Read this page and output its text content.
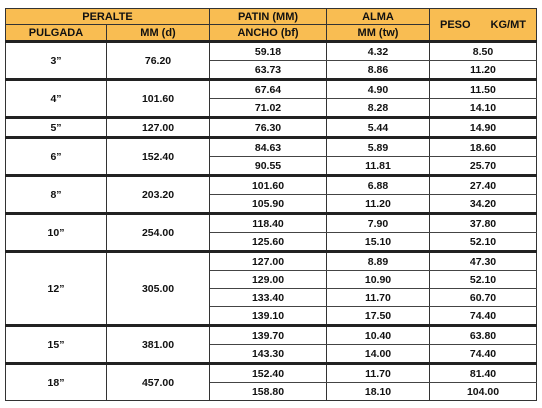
PERALTE		PATIN (MM)	ALMA	PESO KG/MT

PULGADA	MM (d)	ANCHO (bf)	MM (tw)	
3”	76.20	59.18	4.32	8.50
		63.73	8.86	11.20
4”	101.60	67.64	4.90	11.50
		71.02	8.28	14.10
5”	127.00	76.30	5.44	14.90
6”	152.40	84.63	5.89	18.60
		90.55	11.81	25.70
8”	203.20	101.60	6.88	27.40
		105.90	11.20	34.20
10”	254.00	118.40	7.90	37.80
		125.60	15.10	52.10
12”	305.00	127.00	8.89	47.30
		129.00	10.90	52.10
		133.40	11.70	60.70
		139.10	17.50	74.40
15”	381.00	139.70	10.40	63.80
		143.30	14.00	74.40
18”	457.00	152.40	11.70	81.40
		158.80	18.10	104.00
